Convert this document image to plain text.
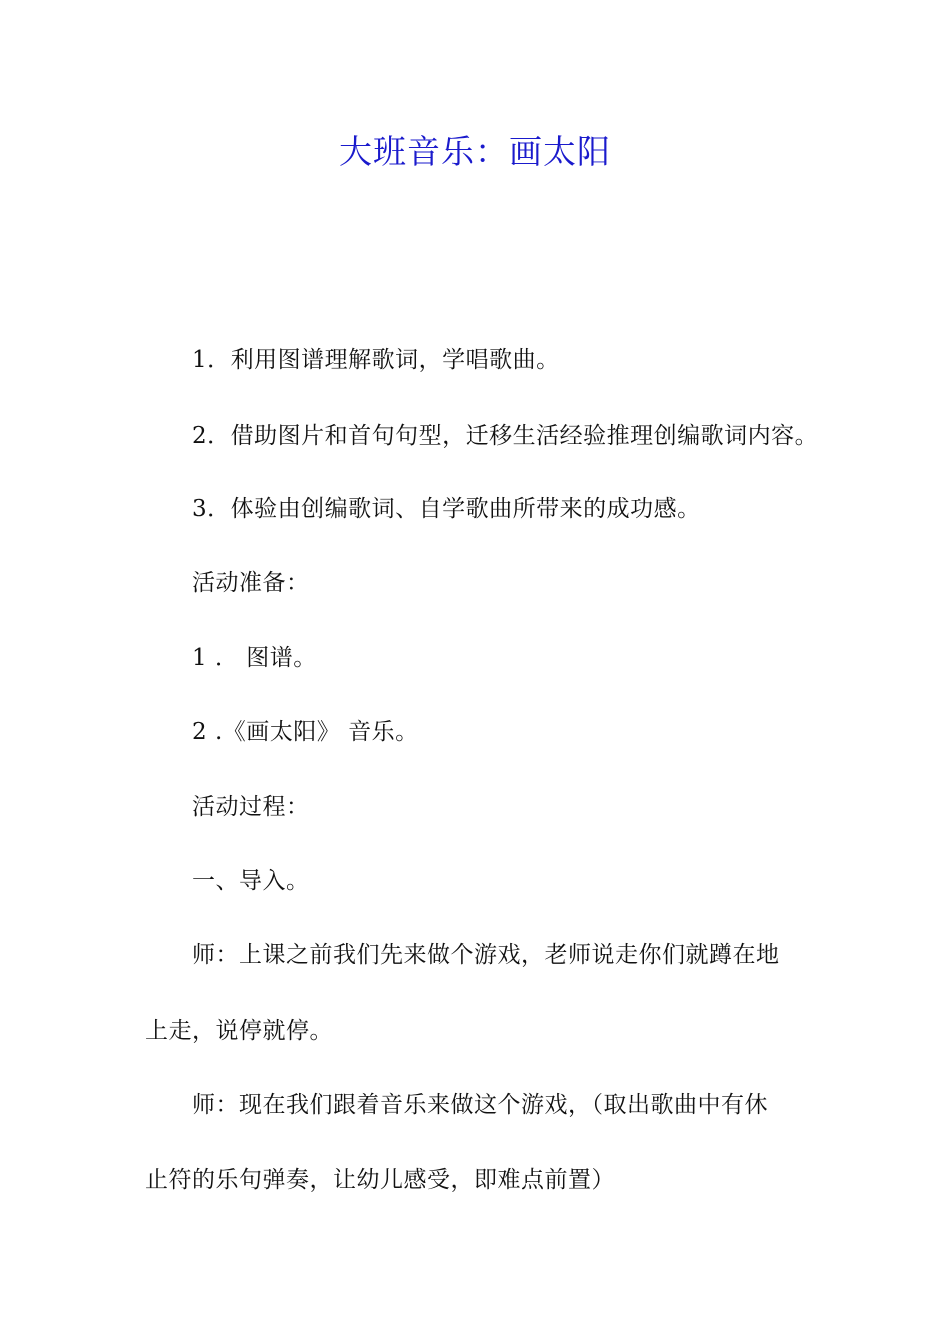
大班音乐：画太阳
1．利用图谱理解歌词，学唱歌曲。
2．借助图片和首句句型，迁移生活经验推理创编歌词内容。
3．体验由创编歌词、自学歌曲所带来的成功感。
活动准备：
1 ． 图谱。
2 .《画太阳》 音乐。
活动过程：
一、导入。
师：上课之前我们先来做个游戏，老师说走你们就蹲在地
上走，说停就停。
师：现在我们跟着音乐来做这个游戏，（取出歌曲中有休
止符的乐句弹奏，让幼儿感受，即难点前置）
